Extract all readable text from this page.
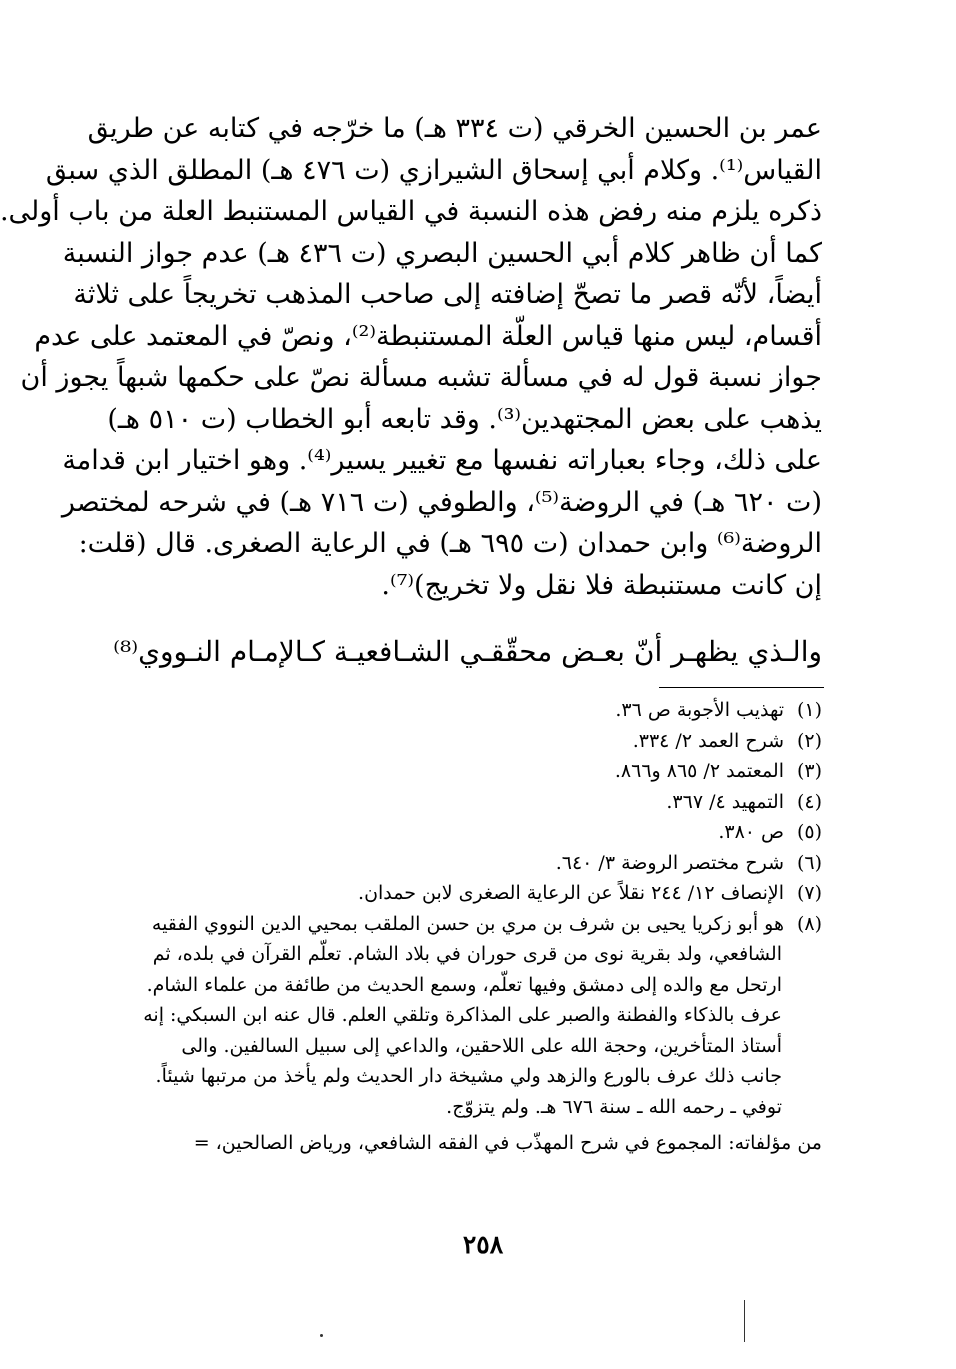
عمر بن الحسين الخرقي (ت ٣٣٤ هـ) ما خرّجه في كتابه عن طريق
القياس⁽¹⁾. وكلام أبي إسحاق الشيرازي (ت ٤٧٦ هـ) المطلق الذي سبق
ذكره يلزم منه رفض هذه النسبة في القياس المستنبط العلة من باب أولى.
كما أن ظاهر كلام أبي الحسين البصري (ت ٤٣٦ هـ) عدم جواز النسبة
أيضاً، لأنّه قصر ما تصحّ إضافته إلى صاحب المذهب تخريجاً على ثلاثة
أقسام، ليس منها قياس العلّة المستنبطة⁽²⁾، ونصّ في المعتمد على عدم
جواز نسبة قول له في مسألة تشبه مسألة نصّ على حكمها شبهاً يجوز أن
يذهب على بعض المجتهدين⁽³⁾. وقد تابعه أبو الخطاب (ت ٥١٠ هـ)
على ذلك، وجاء بعباراته نفسها مع تغيير يسير⁽⁴⁾. وهو اختيار ابن قدامة
(ت ٦٢٠ هـ) في الروضة⁽⁵⁾، والطوفي (ت ٧١٦ هـ) في شرحه لمختصر
الروضة⁽⁶⁾ وابن حمدان (ت ٦٩٥ هـ) في الرعاية الصغرى. قال (قلت:
إن كانت مستنبطة فلا نقل ولا تخريج)⁽⁷⁾.
والـذي يظهـر أنّ بعـض محقّقـي الشـافعيـة كـالإمـام النـووي⁽⁸⁾
(١)تهذيب الأجوبة ص ٣٦.
(٢)شرح العمد ٢/ ٣٣٤.
(٣)المعتمد ٢/ ٨٦٥ و٨٦٦.
(٤)التمهيد ٤/ ٣٦٧.
(٥)ص ٣٨٠.
(٦)شرح مختصر الروضة ٣/ ٦٤٠.
(٧)الإنصاف ١٢/ ٢٤٤ نقلاً عن الرعاية الصغرى لابن حمدان.
(٨)هو أبو زكريا يحيى بن شرف بن مري بن حسن الملقب بمحيي الدين النووي الفقيه
الشافعي، ولد بقرية نوى من قرى حوران في بلاد الشام. تعلّم القرآن في بلده، ثم
ارتحل مع والده إلى دمشق وفيها تعلّم، وسمع الحديث من طائفة من علماء الشام.
عرف بالذكاء والفطنة والصبر على المذاكرة وتلقي العلم. قال عنه ابن السبكي: إنه
أستاذ المتأخرين، وحجة الله على اللاحقين، والداعي إلى سبيل السالفين. والى
جانب ذلك عرف بالورع والزهد ولي مشيخة دار الحديث ولم يأخذ من مرتبها شيئاً.
توفي ـ رحمه الله ـ سنة ٦٧٦ هـ. ولم يتزوّج.
من مؤلفاته: المجموع في شرح المهذّب في الفقه الشافعي، ورياض الصالحين، =
٢٥٨
